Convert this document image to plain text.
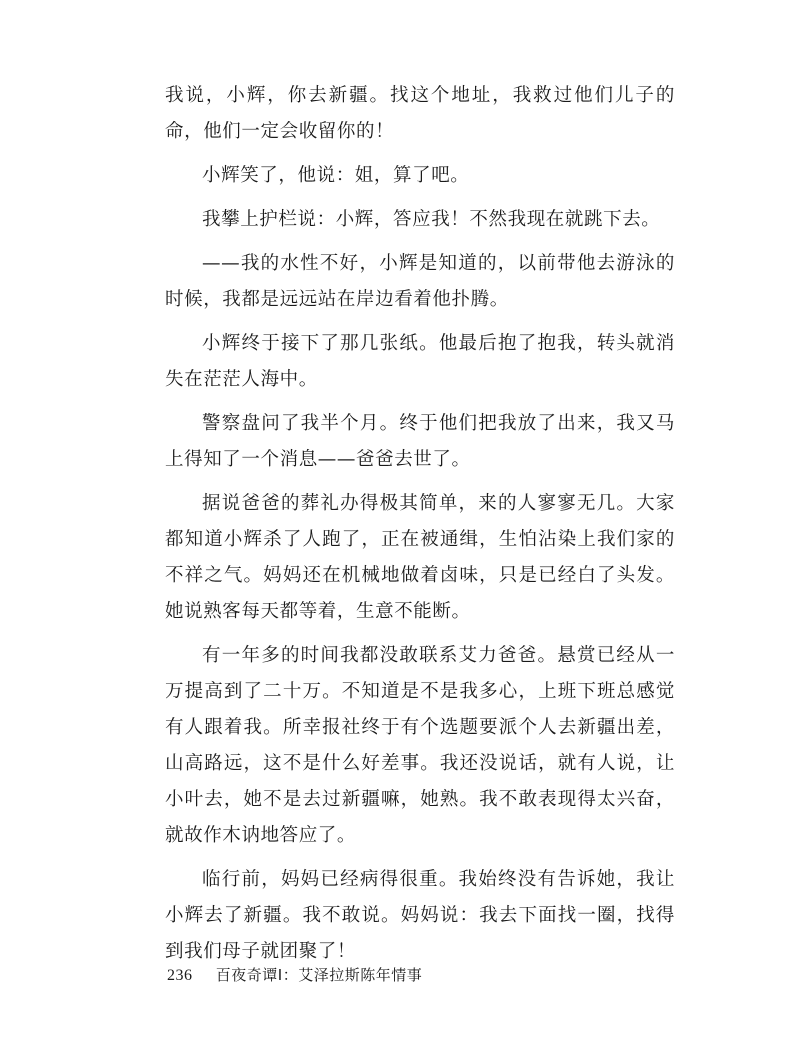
我说，小辉，你去新疆。找这个地址，我救过他们儿子的命，他们一定会收留你的！

小辉笑了，他说：姐，算了吧。

我攀上护栏说：小辉，答应我！不然我现在就跳下去。

——我的水性不好，小辉是知道的，以前带他去游泳的时候，我都是远远站在岸边看着他扑腾。

小辉终于接下了那几张纸。他最后抱了抱我，转头就消失在茫茫人海中。

警察盘问了我半个月。终于他们把我放了出来，我又马上得知了一个消息——爸爸去世了。

据说爸爸的葬礼办得极其简单，来的人寥寥无几。大家都知道小辉杀了人跑了，正在被通缉，生怕沾染上我们家的不祥之气。妈妈还在机械地做着卤味，只是已经白了头发。她说熟客每天都等着，生意不能断。

有一年多的时间我都没敢联系艾力爸爸。悬赏已经从一万提高到了二十万。不知道是不是我多心，上班下班总感觉有人跟着我。所幸报社终于有个选题要派个人去新疆出差，山高路远，这不是什么好差事。我还没说话，就有人说，让小叶去，她不是去过新疆嘛，她熟。我不敢表现得太兴奋，就故作木讷地答应了。

临行前，妈妈已经病得很重。我始终没有告诉她，我让小辉去了新疆。我不敢说。妈妈说：我去下面找一圈，找得到我们母子就团聚了！

236 百夜奇谭Ⅰ：艾泽拉斯陈年情事
